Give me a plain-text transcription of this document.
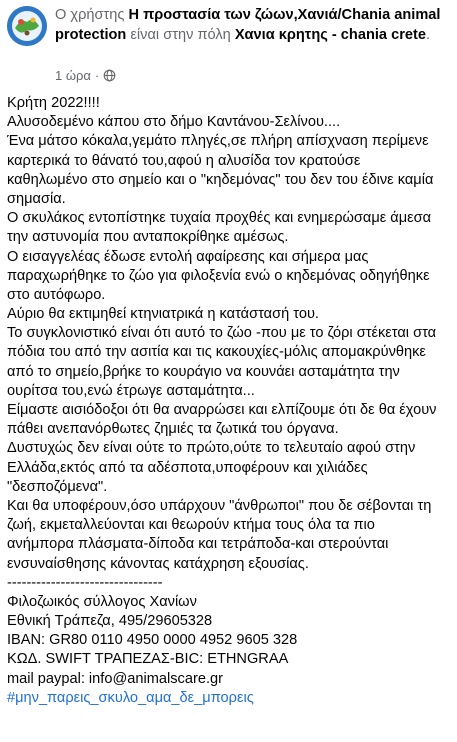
Ο χρήστης Η προστασία των ζώων,Χανιά/Chania animal protection είναι στην πόλη Χανια κρητης - chania crete.
1 ώρα ·
Κρήτη 2022!!!!
Αλυσοδεμένο κάπου στο δήμο Καντάνου-Σελίνου....
Ένα μάτσο κόκαλα,γεμάτο πληγές,σε πλήρη απίσχναση περίμενε
καρτερικά το θάνατό του,αφού η αλυσίδα τον κρατούσε
καθηλωμένο στο σημείο και ο "κηδεμόνας" του δεν του έδινε καμία
σημασία.
Ο σκυλάκος εντοπίστηκε τυχαία προχθές και ενημερώσαμε άμεσα
την αστυνομία που ανταποκρίθηκε αμέσως.
Ο εισαγγελέας έδωσε εντολή αφαίρεσης και σήμερα μας
παραχωρήθηκε το ζώο για φιλοξενία ενώ ο κηδεμόνας οδηγήθηκε
στο αυτόφωρο.
Αύριο θα εκτιμηθεί κτηνιατρικά η κατάστασή του.
Το συγκλονιστικό είναι ότι αυτό το ζώο -που με το ζόρι στέκεται στα
πόδια του από την ασιτία και τις κακουχίες-μόλις απομακρύνθηκε
από το σημείο,βρήκε το κουράγιο να κουνάει ασταμάτητα την
ουρίτσα του,ενώ έτρωγε ασταμάτητα...
Είμαστε αισιόδοξοι ότι θα αναρρώσει και ελπίζουμε ότι δε θα έχουν
πάθει ανεπανόρθωτες ζημιές τα ζωτικά του όργανα.
Δυστυχώς δεν είναι ούτε το πρώτο,ούτε το τελευταίο αφού στην
Ελλάδα,εκτός από τα αδέσποτα,υποφέρουν και χιλιάδες
"δεσποζόμενα".
Και θα υποφέρουν,όσο υπάρχουν "άνθρωποι" που δε σέβονται τη
ζωή, εκμεταλλεύονται και θεωρούν κτήμα τους όλα τα πιο
ανήμπορα πλάσματα-δίποδα και τετράποδα-και στερούνται
ενσυναίσθησης κάνοντας κατάχρηση εξουσίας.
--------------------------------
Φιλοζωικός σύλλογος Χανίων
Εθνική Τράπεζα, 495/29605328
IBAN: GR80 0110 4950 0000 4952 9605 328
ΚΩΔ. SWIFT ΤΡΑΠΕΖΑΣ-BIC: ETHNGRAA
mail paypal: info@animalscare.gr
#μην_παρεις_σκυλο_αμα_δε_μπορεις
